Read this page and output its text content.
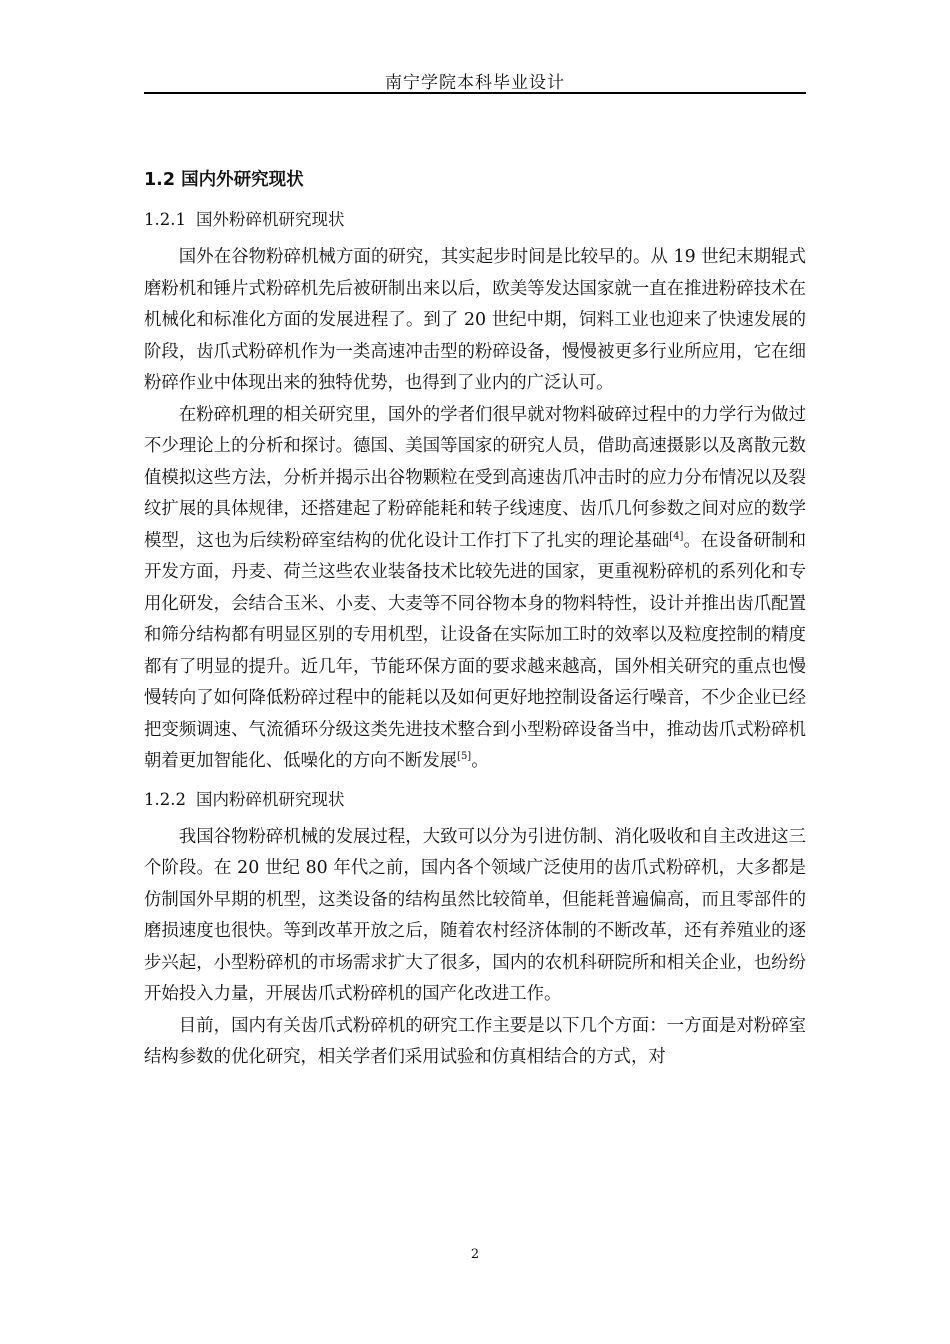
南宁学院本科毕业设计
1.2 国内外研究现状
1.2.1 国外粉碎机研究现状

国外在谷物粉碎机械方面的研究，其实起步时间是比较早的。从 19 世纪末期辊式磨粉机和锤片式粉碎机先后被研制出来以后，欧美等发达国家就一直在推进粉碎技术在机械化和标准化方面的发展进程了。到了 20 世纪中期，饲料工业也迎来了快速发展的阶段，齿爪式粉碎机作为一类高速冲击型的粉碎设备，慢慢被更多行业所应用，它在细粉碎作业中体现出来的独特优势，也得到了业内的广泛认可。

在粉碎机理的相关研究里，国外的学者们很早就对物料破碎过程中的力学行为做过不少理论上的分析和探讨。德国、美国等国家的研究人员，借助高速摄影以及离散元数值模拟这些方法，分析并揭示出谷物颗粒在受到高速齿爪冲击时的应力分布情况以及裂纹扩展的具体规律，还搭建起了粉碎能耗和转子线速度、齿爪几何参数之间对应的数学模型，这也为后续粉碎室结构的优化设计工作打下了扎实的理论基础[4]。在设备研制和开发方面，丹麦、荷兰这些农业装备技术比较先进的国家，更重视粉碎机的系列化和专用化研发，会结合玉米、小麦、大麦等不同谷物本身的物料特性，设计并推出齿爪配置和筛分结构都有明显区别的专用机型，让设备在实际加工时的效率以及粒度控制的精度都有了明显的提升。近几年，节能环保方面的要求越来越高，国外相关研究的重点也慢慢转向了如何降低粉碎过程中的能耗以及如何更好地控制设备运行噪音，不少企业已经把变频调速、气流循环分级这类先进技术整合到小型粉碎设备当中，推动齿爪式粉碎机朝着更加智能化、低噪化的方向不断发展[5]。

1.2.2 国内粉碎机研究现状

我国谷物粉碎机械的发展过程，大致可以分为引进仿制、消化吸收和自主改进这三个阶段。在 20 世纪 80 年代之前，国内各个领域广泛使用的齿爪式粉碎机，大多都是仿制国外早期的机型，这类设备的结构虽然比较简单，但能耗普遍偏高，而且零部件的磨损速度也很快。等到改革开放之后，随着农村经济体制的不断改革，还有养殖业的逐步兴起，小型粉碎机的市场需求扩大了很多，国内的农机科研院所和相关企业，也纷纷开始投入力量，开展齿爪式粉碎机的国产化改进工作。

目前，国内有关齿爪式粉碎机的研究工作主要是以下几个方面：一方面是对粉碎室结构参数的优化研究，相关学者们采用试验和仿真相结合的方式，对

2
